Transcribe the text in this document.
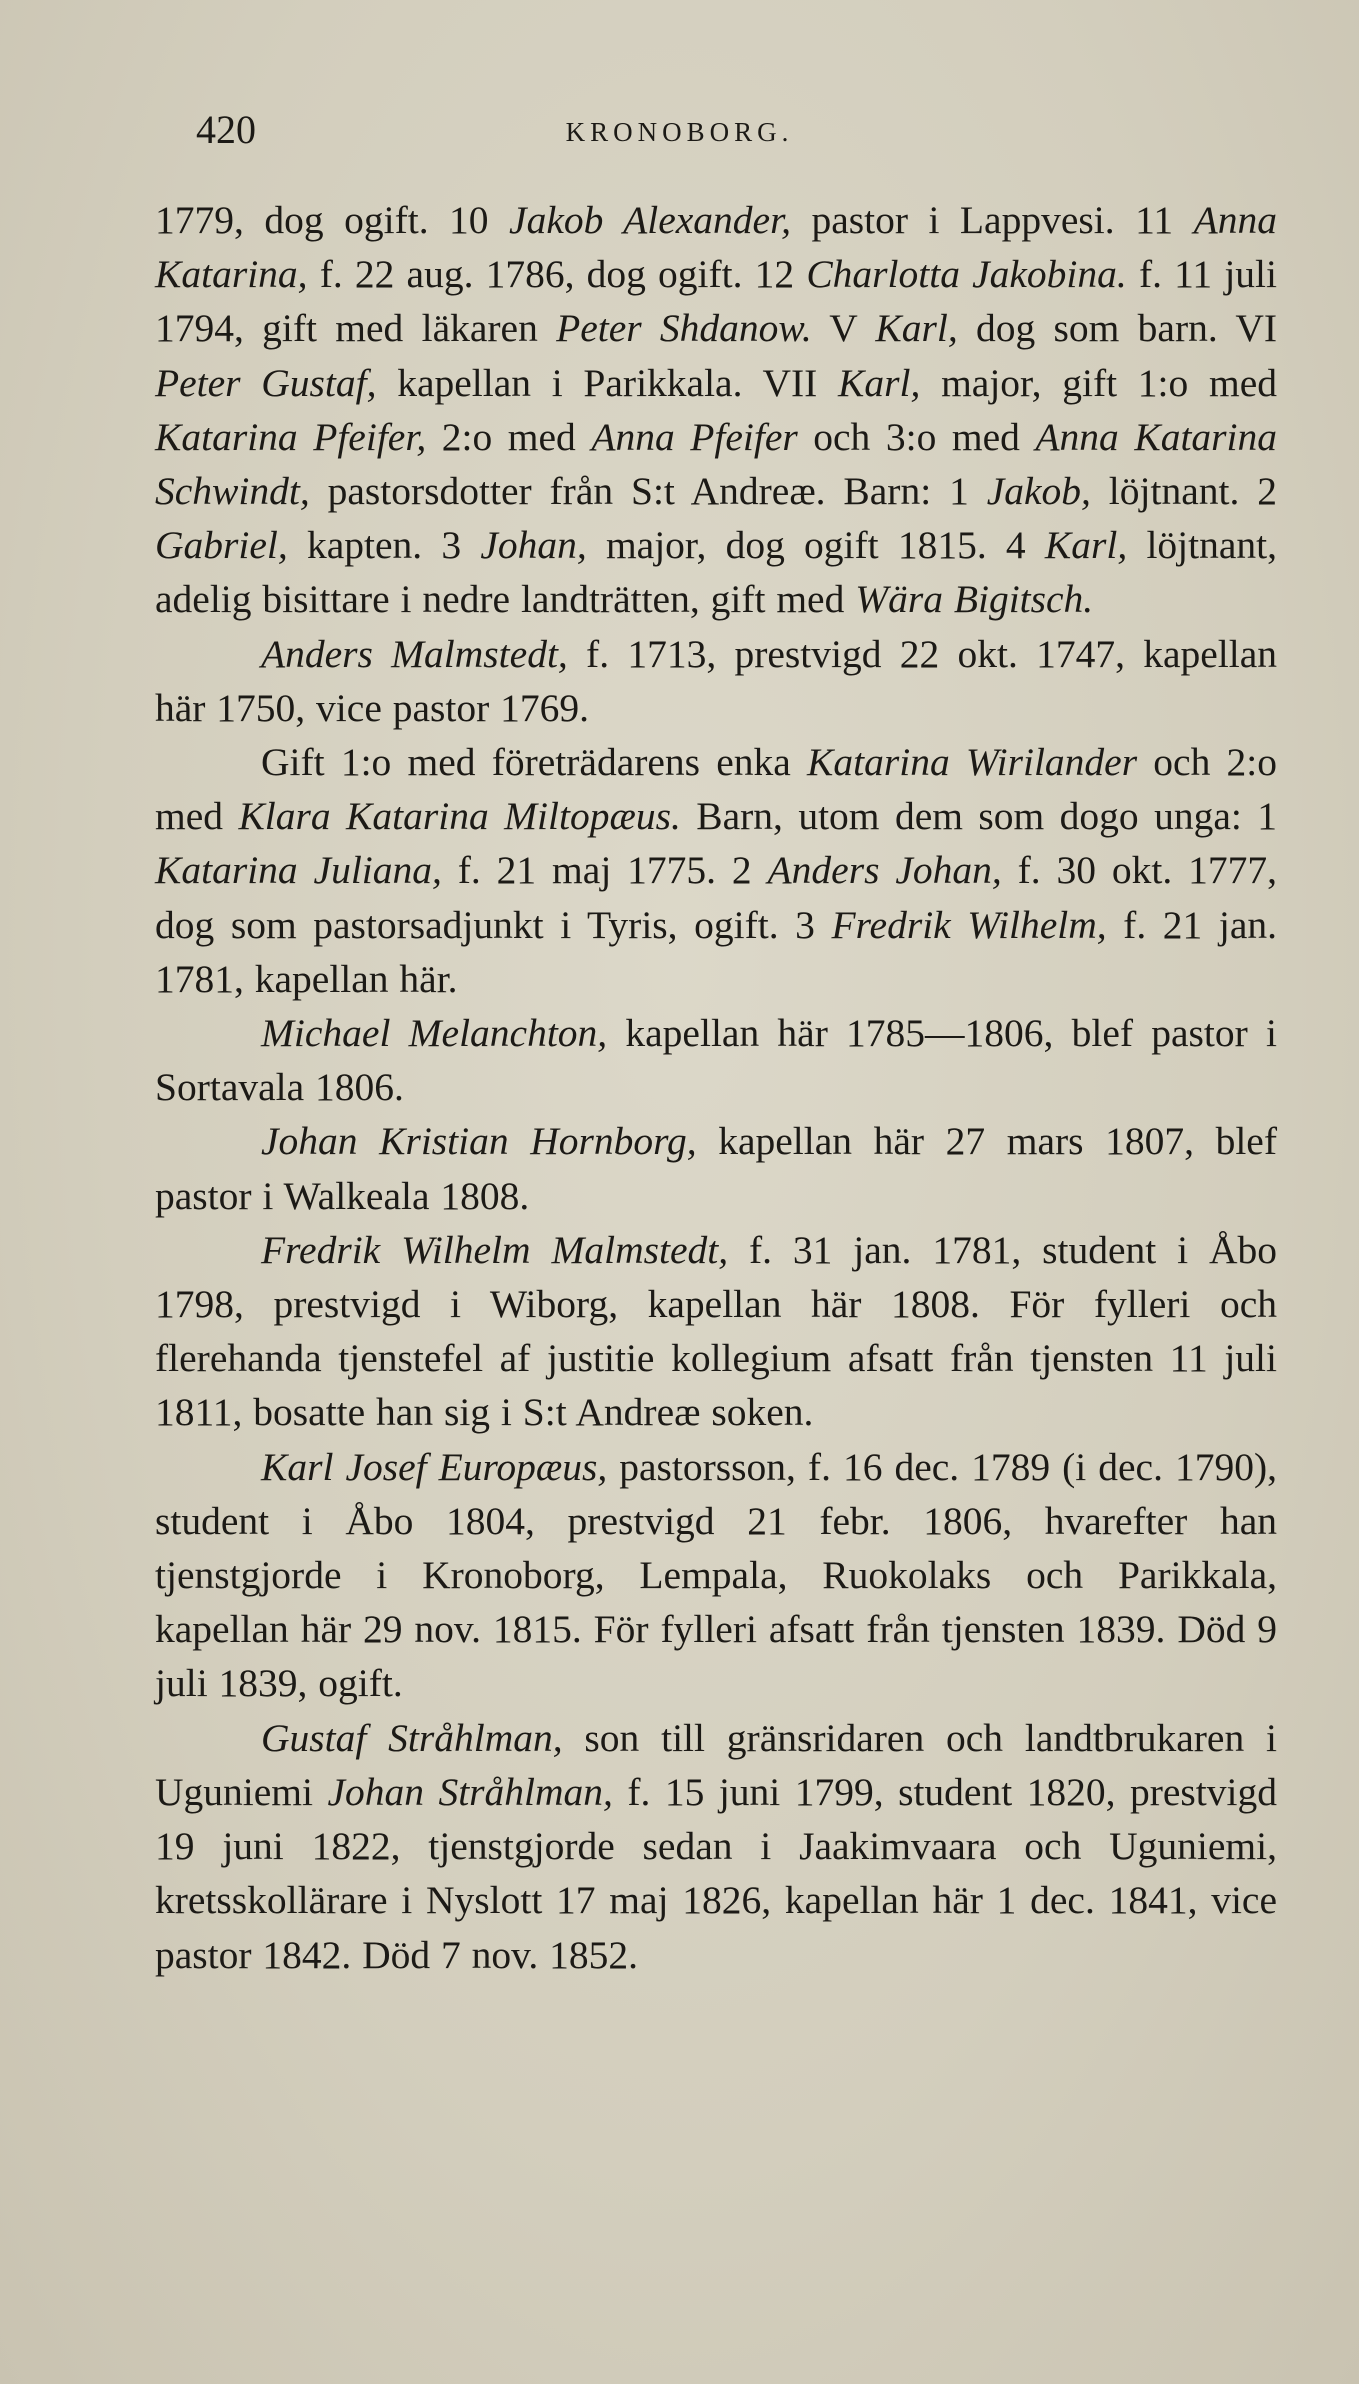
420	KRONOBORG.

1779, dog ogift. 10 Jakob Alexander, pastor i Lappvesi. 11 Anna Katarina, f. 22 aug. 1786, dog ogift. 12 Charlotta Jakobina. f. 11 juli 1794, gift med läkaren Peter Shdanow. V Karl, dog som barn. VI Peter Gustaf, kapellan i Parikkala. VII Karl, major, gift 1:o med Katarina Pfeifer, 2:o med Anna Pfeifer och 3:o med Anna Katarina Schwindt, pastorsdotter från S:t Andreæ. Barn: 1 Jakob, löjtnant. 2 Gabriel, kapten. 3 Johan, major, dog ogift 1815. 4 Karl, löjtnant, adelig bisittare i nedre landträtten, gift med Wära Bigitsch.

Anders Malmstedt, f. 1713, prestvigd 22 okt. 1747, kapellan här 1750, vice pastor 1769.

Gift 1:o med företrädarens enka Katarina Wirilander och 2:o med Klara Katarina Miltopæus. Barn, utom dem som dogo unga: 1 Katarina Juliana, f. 21 maj 1775. 2 Anders Johan, f. 30 okt. 1777, dog som pastorsadjunkt i Tyris, ogift. 3 Fredrik Wilhelm, f. 21 jan. 1781, kapellan här.

Michael Melanchton, kapellan här 1785—1806, blef pastor i Sortavala 1806.

Johan Kristian Hornborg, kapellan här 27 mars 1807, blef pastor i Walkeala 1808.

Fredrik Wilhelm Malmstedt, f. 31 jan. 1781, student i Åbo 1798, prestvigd i Wiborg, kapellan här 1808. För fylleri och flerehanda tjenstefel af justitie kollegium afsatt från tjensten 11 juli 1811, bosatte han sig i S:t Andreæ soken.

Karl Josef Europæus, pastorsson, f. 16 dec. 1789 (i dec. 1790), student i Åbo 1804, prestvigd 21 febr. 1806, hvarefter han tjenstgjorde i Kronoborg, Lempala, Ruokolaks och Parikkala, kapellan här 29 nov. 1815. För fylleri afsatt från tjensten 1839. Död 9 juli 1839, ogift.

Gustaf Stråhlman, son till gränsridaren och landtbrukaren i Uguniemi Johan Stråhlman, f. 15 juni 1799, student 1820, prestvigd 19 juni 1822, tjenstgjorde sedan i Jaakimvaara och Uguniemi, kretsskollärare i Nyslott 17 maj 1826, kapellan här 1 dec. 1841, vice pastor 1842. Död 7 nov. 1852.
